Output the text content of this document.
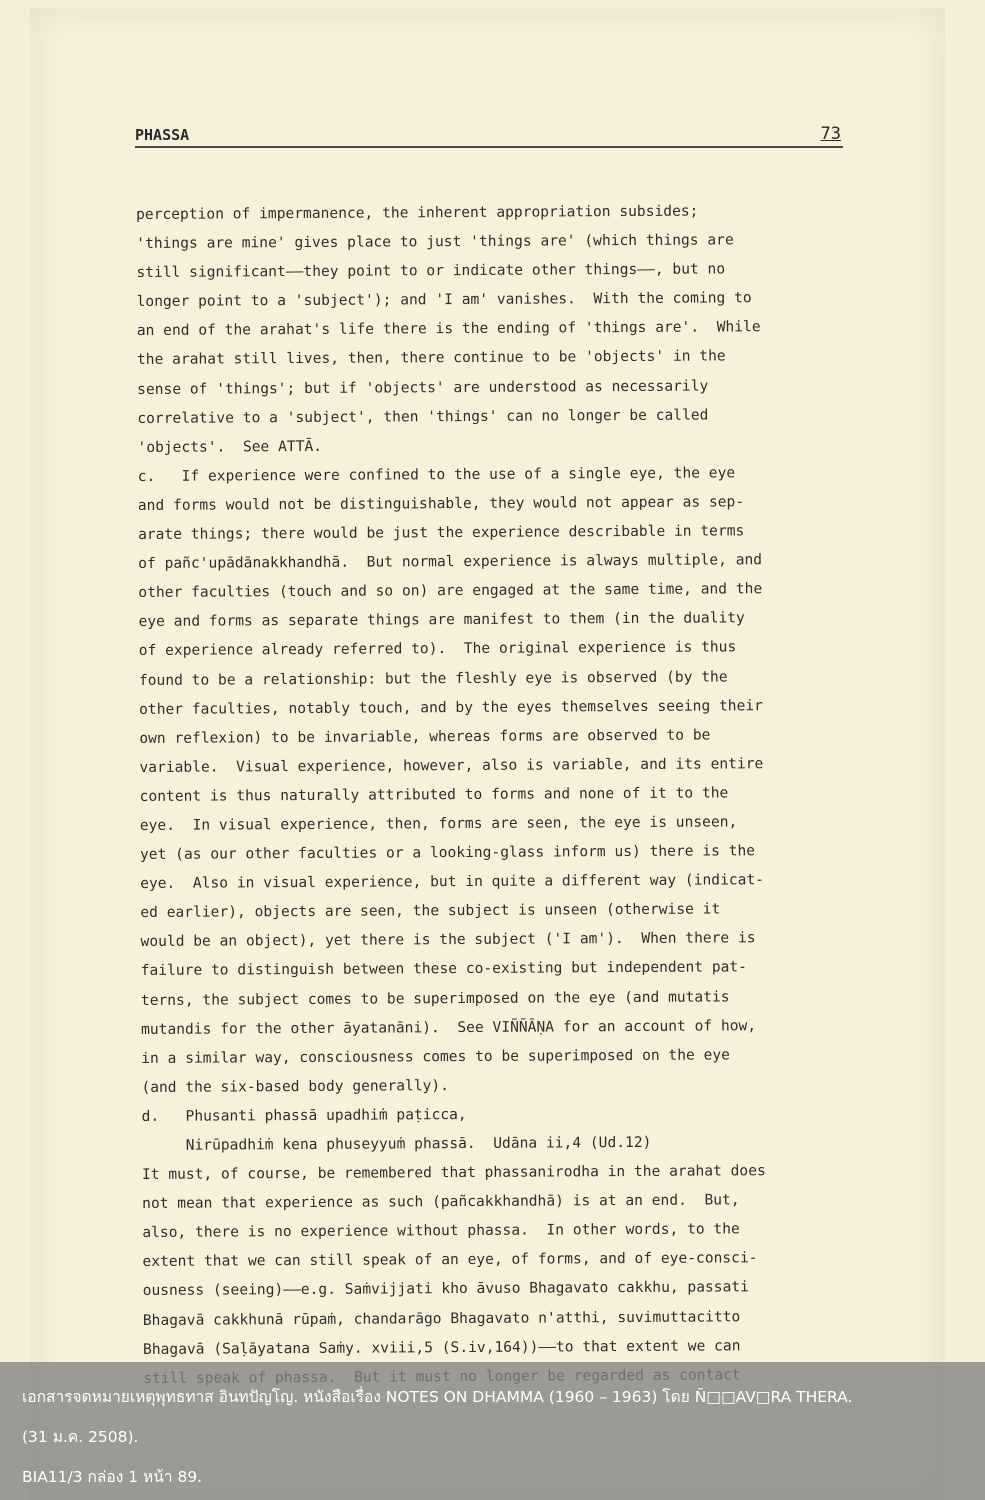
PHASSA	73
perception of impermanence, the inherent appropriation subsides;
'things are mine' gives place to just 'things are' (which things are
still significant——they point to or indicate other things——, but no
longer point to a 'subject'); and 'I am' vanishes.  With the coming to
an end of the arahat's life there is the ending of 'things are'.  While
the arahat still lives, then, there continue to be 'objects' in the
sense of 'things'; but if 'objects' are understood as necessarily
correlative to a 'subject', then 'things' can no longer be called
'objects'.  See ATTĀ.
c.   If experience were confined to the use of a single eye, the eye
and forms would not be distinguishable, they would not appear as sep-
arate things; there would be just the experience describable in terms
of pañc'upādānakkhandhā.  But normal experience is always multiple, and
other faculties (touch and so on) are engaged at the same time, and the
eye and forms as separate things are manifest to them (in the duality
of experience already referred to).  The original experience is thus
found to be a relationship: but the fleshly eye is observed (by the
other faculties, notably touch, and by the eyes themselves seeing their
own reflexion) to be invariable, whereas forms are observed to be
variable.  Visual experience, however, also is variable, and its entire
content is thus naturally attributed to forms and none of it to the
eye.  In visual experience, then, forms are seen, the eye is unseen,
yet (as our other faculties or a looking-glass inform us) there is the
eye.  Also in visual experience, but in quite a different way (indicat-
ed earlier), objects are seen, the subject is unseen (otherwise it
would be an object), yet there is the subject ('I am').  When there is
failure to distinguish between these co-existing but independent pat-
terns, the subject comes to be superimposed on the eye (and mutatis
mutandis for the other āyatanāni).  See VIÑÑĀṆA for an account of how,
in a similar way, consciousness comes to be superimposed on the eye
(and the six-based body generally).
d.   Phusanti phassā upadhiṁ paṭicca,
Nirūpadhiṁ kena phuseyyuṁ phassā.  Udāna ii,4 (Ud.12)
It must, of course, be remembered that phassanirodha in the arahat does
not mean that experience as such (pañcakkhandhā) is at an end.  But,
also, there is no experience without phassa.  In other words, to the
extent that we can still speak of an eye, of forms, and of eye-consci-
ousness (seeing)——e.g. Saṁvijjati kho āvuso Bhagavato cakkhu, passati
Bhagavā cakkhunā rūpaṁ, chandarāgo Bhagavato n'atthi, suvimuttacitto
Bhagavā (Saḷāyatana Saṁy. xviii,5 (S.iv,164))——to that extent we can
เอกสารจดหมายเหตุพุทธทาส อินทปัญโญ. หนังสือเรื่อง NOTES ON DHAMMA (1960 – 1963) โดย Ñ□□AV□RA THERA.
(31 ม.ค. 2508).
BIA11/3 กล่อง 1 หน้า 89.
